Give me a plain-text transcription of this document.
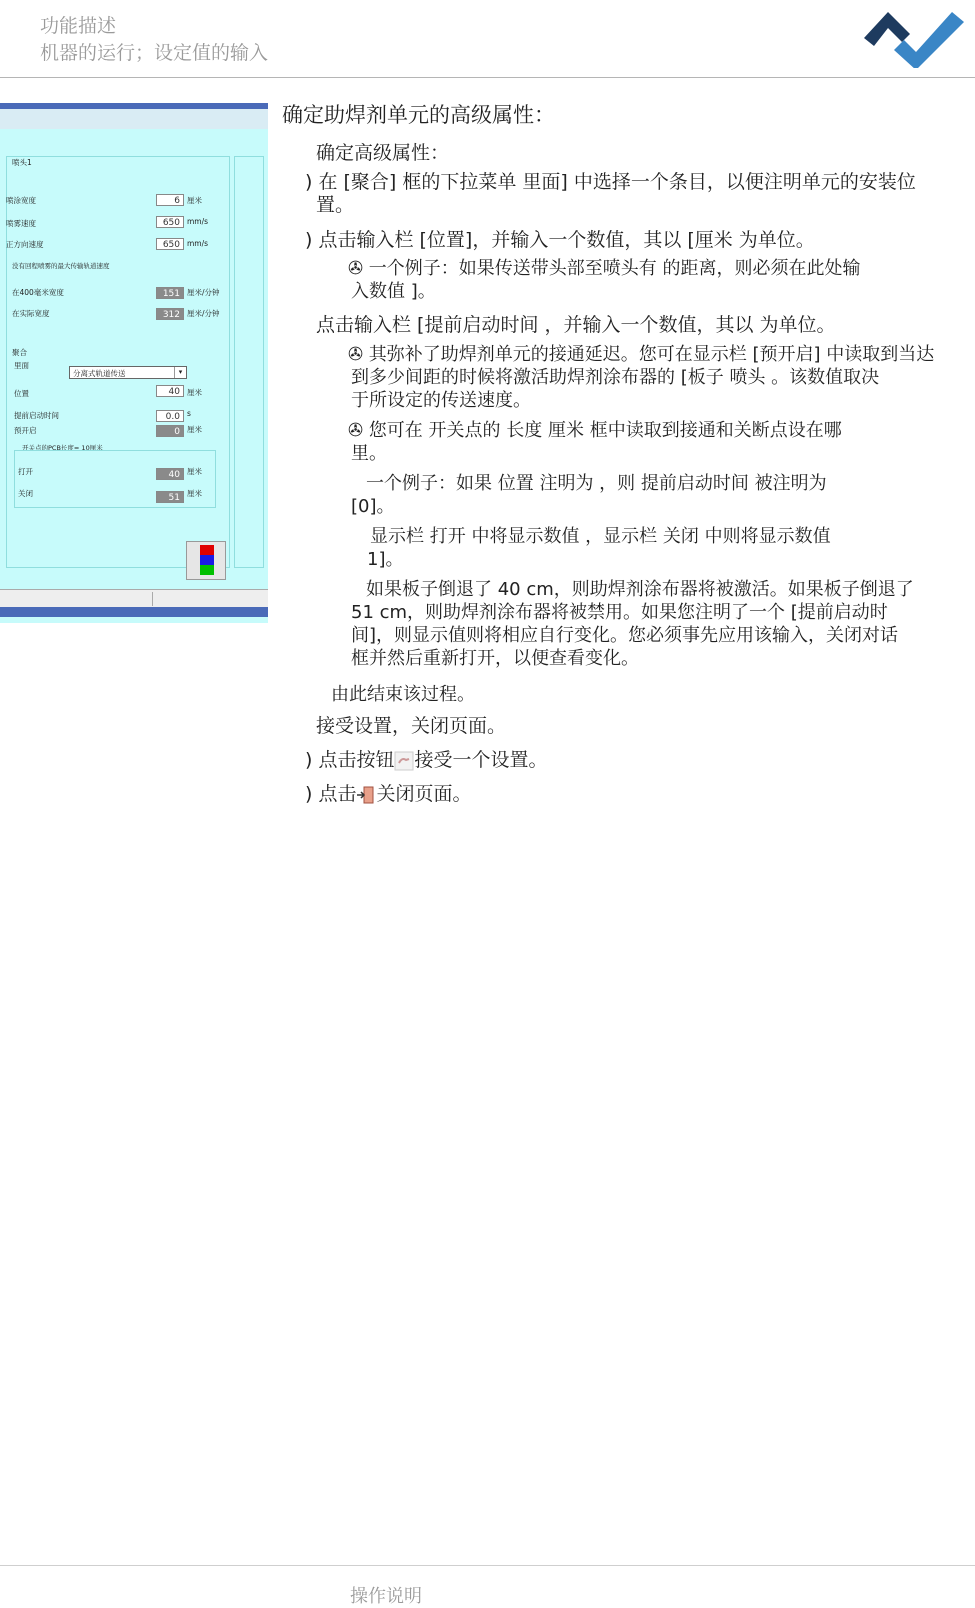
功能描述
机器的运行；设定值的输入
喷头1
喷涂宽度	6 厘米
喷雾速度	650 mm/s
正方向速度	650 mm/s
没有回程喷雾的最大传输轨道速度
在400毫米宽度	151 厘米/分钟
在实际宽度	312 厘米/分钟
聚合
里面
分离式轨道传送	▾
位置	40 厘米
提前启动时间	0.0 s
预开启	0 厘米
开关点的PCB长度= 10厘米
打开	40 厘米
关闭	51 厘米
确定助焊剂单元的高级属性：
确定高级属性：
) 在 [聚合] 框的下拉菜单 里面] 中选择一个条目，以便注明单元的安装位
置。
) 点击输入栏 [位置]，并输入一个数值，其以 [厘米 为单位。
✇ 一个例子：如果传送带头部至喷头有 的距离，则必须在此处输
入数值 ]。
点击输入栏 [提前启动时间 ，并输入一个数值，其以 为单位。
✇ 其弥补了助焊剂单元的接通延迟。您可在显示栏 [预开启] 中读取到当达
到多少间距的时候将激活助焊剂涂布器的 [板子 喷头 。该数值取决
于所设定的传送速度。
✇ 您可在 开关点的 长度 厘米 框中读取到接通和关断点设在哪
里。
一个例子：如果 位置 注明为 ，则 提前启动时间 被注明为
[0]。
显示栏 打开 中将显示数值 ，显示栏 关闭 中则将显示数值
1]。
如果板子倒退了 40 cm，则助焊剂涂布器将被激活。如果板子倒退了
51 cm，则助焊剂涂布器将被禁用。如果您注明了一个 [提前启动时
间]，则显示值则将相应自行变化。您必须事先应用该输入，关闭对话
框并然后重新打开，以便查看变化。
由此结束该过程。
接受设置，关闭页面。
) 点击按钮 接受一个设置。
) 点击 关闭页面。
操作说明
